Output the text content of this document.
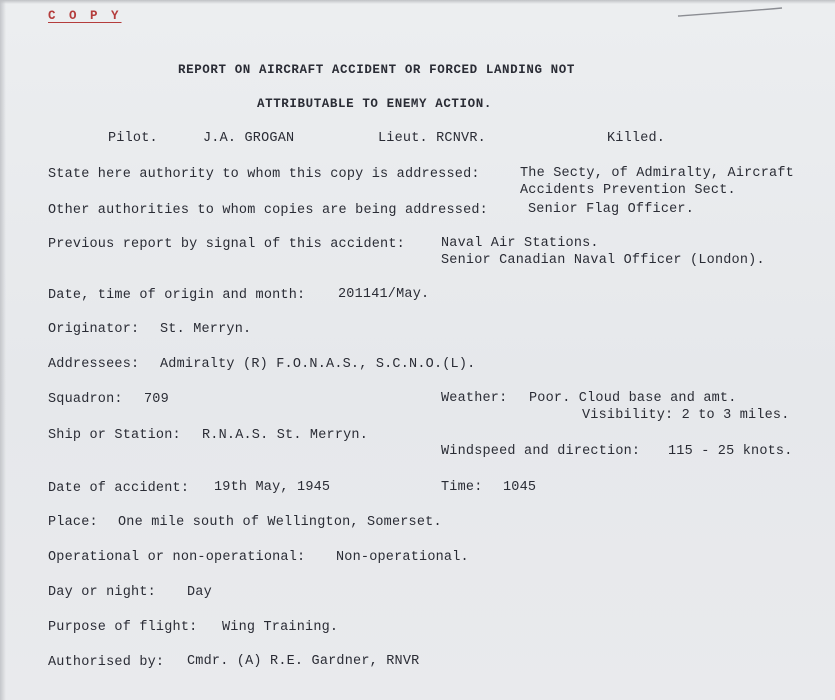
C O P Y
REPORT ON AIRCRAFT ACCIDENT OR FORCED LANDING NOT
ATTRIBUTABLE TO ENEMY ACTION.
Pilot.	J.A. GROGAN	Lieut. RCNVR.	Killed.
State here authority to whom this copy is addressed:	The Secty, of Admiralty, Aircraft
Accidents Prevention Sect.
Other authorities to whom copies are being addressed:	Senior Flag Officer.
Previous report by signal of this accident:	Naval Air Stations.
Senior Canadian Naval Officer (London).
Date, time of origin and month: 201141/May.
Originator: St. Merryn.
Addressees: Admiralty (R) F.O.N.A.S., S.C.N.O.(L).
Squadron: 709	Weather: Poor. Cloud base and amt.
Visibility: 2 to 3 miles.
Ship or Station: R.N.A.S. St. Merryn.
Windspeed and direction: 115 - 25 knots.
Date of accident: 19th May, 1945	Time: 1045
Place: One mile south of Wellington, Somerset.
Operational or non-operational: Non-operational.
Day or night: Day
Purpose of flight: Wing Training.
Authorised by: Cmdr. (A) R.E. Gardner, RNVR
